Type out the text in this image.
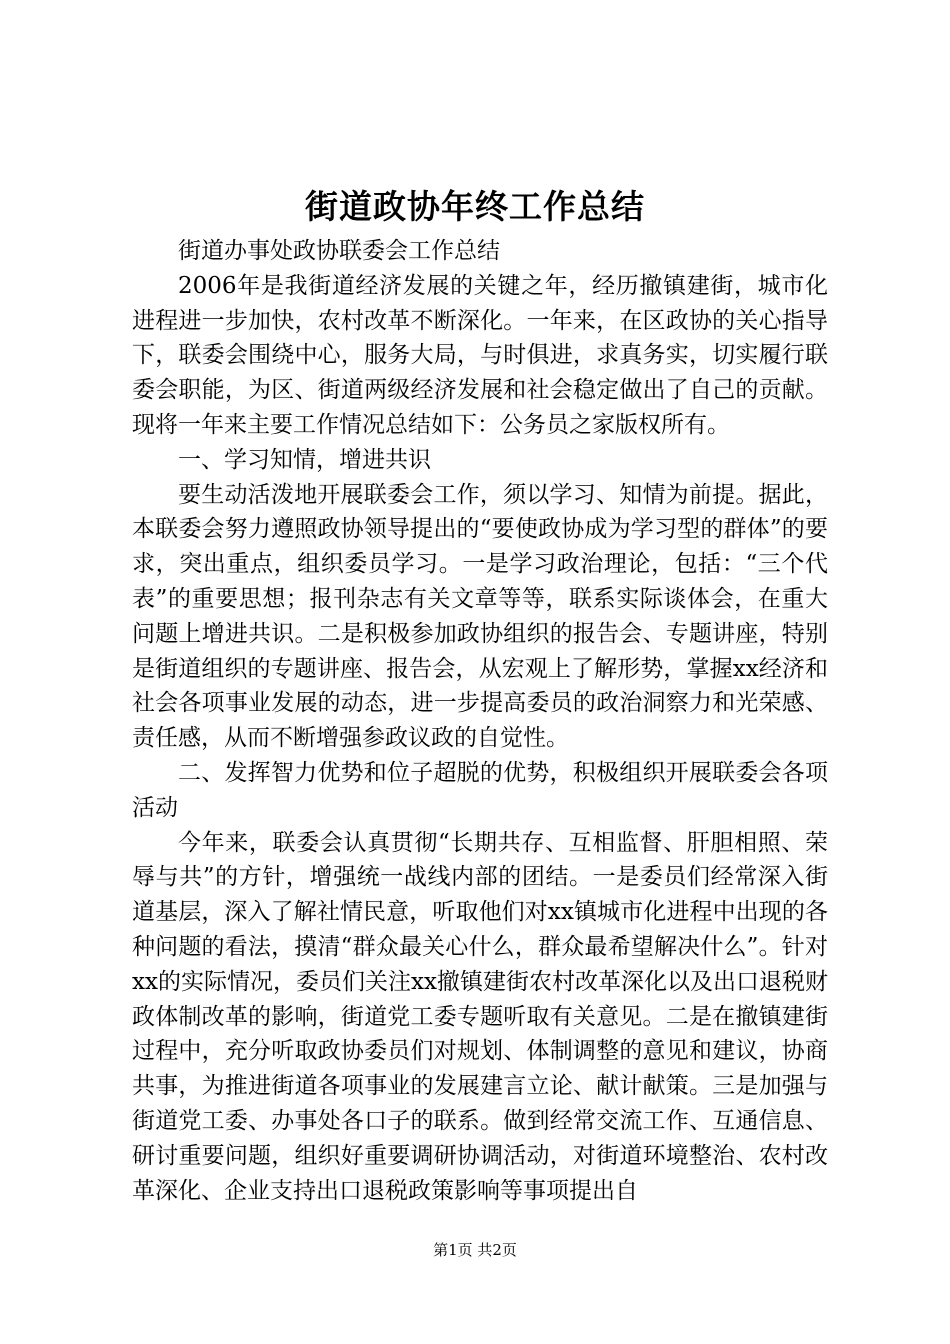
街道政协年终工作总结

街道办事处政协联委会工作总结

2006年是我街道经济发展的关键之年，经历撤镇建街，城市化进程进一步加快，农村改革不断深化。一年来，在区政协的关心指导下，联委会围绕中心，服务大局，与时俱进，求真务实，切实履行联委会职能，为区、街道两级经济发展和社会稳定做出了自己的贡献。现将一年来主要工作情况总结如下：公务员之家版权所有。

一、学习知情，增进共识

要生动活泼地开展联委会工作，须以学习、知情为前提。据此，本联委会努力遵照政协领导提出的“要使政协成为学习型的群体”的要求，突出重点，组织委员学习。一是学习政治理论，包括：“三个代表”的重要思想；报刊杂志有关文章等等，联系实际谈体会，在重大问题上增进共识。二是积极参加政协组织的报告会、专题讲座，特别是街道组织的专题讲座、报告会，从宏观上了解形势，掌握xx经济和社会各项事业发展的动态，进一步提高委员的政治洞察力和光荣感、责任感，从而不断增强参政议政的自觉性。

二、发挥智力优势和位子超脱的优势，积极组织开展联委会各项活动

今年来，联委会认真贯彻“长期共存、互相监督、肝胆相照、荣辱与共”的方针，增强统一战线内部的团结。一是委员们经常深入街道基层，深入了解社情民意，听取他们对xx镇城市化进程中出现的各种问题的看法，摸清“群众最关心什么，群众最希望解决什么”。针对xx的实际情况，委员们关注xx撤镇建街农村改革深化以及出口退税财政体制改革的影响，街道党工委专题听取有关意见。二是在撤镇建街过程中，充分听取政协委员们对规划、体制调整的意见和建议，协商共事，为推进街道各项事业的发展建言立论、献计献策。三是加强与街道党工委、办事处各口子的联系。做到经常交流工作、互通信息、研讨重要问题，组织好重要调研协调活动，对街道环境整治、农村改革深化、企业支持出口退税政策影响等事项提出自

第1页 共2页
